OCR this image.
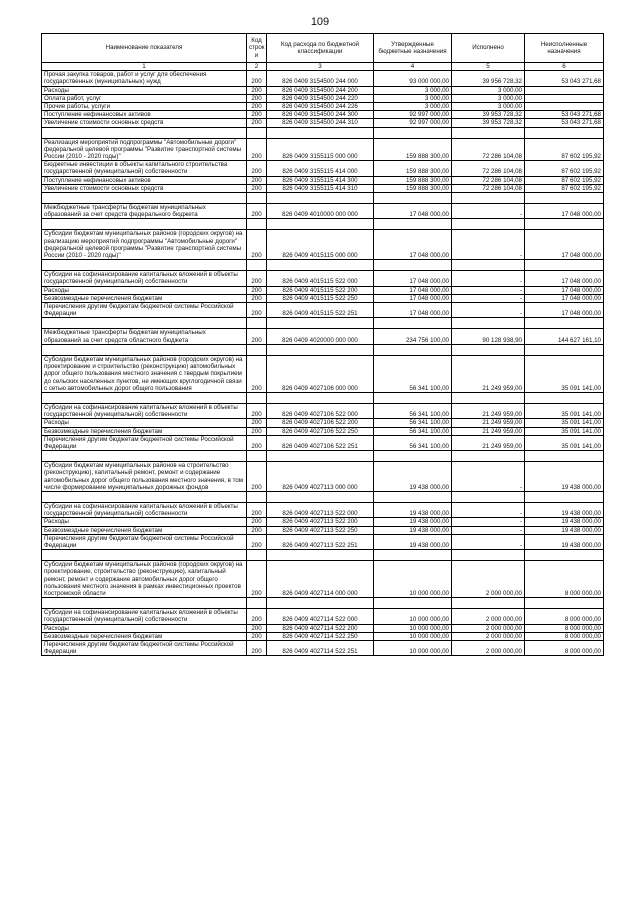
109
Наименование показателя	Код строк и	Код расхода по бюджетной классификации	Утвержденные бюджетные назначения	Исполнено	Неисполненные назначения
1	2	3	4	5	6
Прочая закупка товаров, работ и услуг для обеспечения государственных (муниципальных) нужд	200	826 0409 3154500 244 000	93 000 000,00	39 956 728,32	53 043 271,68
Расходы	200	826 0409 3154500 244 200	3 000,00	3 000,00	
Оплата работ, услуг	200	826 0409 3154500 244 220	3 000,00	3 000,00	
Прочие работы, услуги	200	826 0409 3154500 244 226	3 000,00	3 000,00	
Поступление нефинансовых активов	200	826 0409 3154500 244 300	92 997 000,00	39 953 728,32	53 043 271,68
Увеличение стоимости основных средств	200	826 0409 3154500 244 310	92 997 000,00	39 953 728,32	53 043 271,68

Реализация мероприятий подпрограммы "Автомобильные дороги" федеральной целевой программы "Развитие транспортной системы России (2010 - 2020 годы)"	200	826 0409 3155115 000 000	159 888 300,00	72 286 104,08	87 602 195,92
Бюджетные инвестиции в объекты капитального строительства государственной (муниципальной) собственности	200	826 0409 3155115 414 000	159 888 300,00	72 286 104,08	87 602 195,92
Поступление нефинансовых активов	200	826 0409 3155115 414 300	159 888 300,00	72 286 104,08	87 602 195,92
Увеличение стоимости основных средств	200	826 0409 3155115 414 310	159 888 300,00	72 286 104,08	87 602 195,92

Межбюджетные трансферты бюджетам муниципальных образований за счет средств федерального бюджета	200	826 0409 4010000 000 000	17 048 000,00	-	17 048 000,00

Субсидии бюджетам муниципальных районов (городских округов) на реализацию мероприятий подпрограммы "Автомобильные дороги" федеральной целевой программы "Развитие транспортной системы России (2010 - 2020 годы)"	200	826 0409 4015115 000 000	17 048 000,00	-	17 048 000,00

Субсидии на софинансирование капитальных вложений в объекты государственной (муниципальной) собственности	200	826 0409 4015115 522 000	17 048 000,00	-	17 048 000,00
Расходы	200	826 0409 4015115 522 200	17 048 000,00	-	17 048 000,00
Безвозмездные перечисления бюджетам	200	826 0409 4015115 522 250	17 048 000,00	-	17 048 000,00
Перечисления другим бюджетам бюджетной системы Российской Федерации	200	826 0409 4015115 522 251	17 048 000,00	-	17 048 000,00

Межбюджетные трансферты бюджетам муниципальных образований за счет средств областного бюджета	200	826 0409 4020000 000 000	234 756 100,00	90 128 938,90	144 627 161,10

Субсидии бюджетам муниципальных районов (городских округов) на проектирование и строительство (реконструкцию) автомобильных дорог общего пользования местного значения с твердым покрытием до сельских населенных пунктов, не имеющих круглогодичной связи с сетью автомобильных дорог общего пользования	200	826 0409 4027106 000 000	56 341 100,00	21 249 959,00	35 091 141,00

Субсидии на софинансирование капитальных вложений в объекты государственной (муниципальной) собственности	200	826 0409 4027106 522 000	56 341 100,00	21 249 959,00	35 091 141,00
Расходы	200	826 0409 4027106 522 200	56 341 100,00	21 249 959,00	35 091 141,00
Безвозмездные перечисления бюджетам	200	826 0409 4027106 522 250	56 341 100,00	21 249 959,00	35 091 141,00
Перечисления другим бюджетам бюджетной системы Российской Федерации	200	826 0409 4027106 522 251	56 341 100,00	21 249 959,00	35 091 141,00

Субсидии бюджетам муниципальных районов на строительство (реконструкцию), капитальный ремонт, ремонт и содержание автомобильных дорог общего пользования местного значения, в том числе формирование муниципальных дорожных фондов	200	826 0409 4027113 000 000	19 438 000,00	-	19 438 000,00

Субсидии на софинансирование капитальных вложений в объекты государственной (муниципальной) собственности	200	826 0409 4027113 522 000	19 438 000,00	-	19 438 000,00
Расходы	200	826 0409 4027113 522 200	19 438 000,00	-	19 438 000,00
Безвозмездные перечисления бюджетам	200	826 0409 4027113 522 250	19 438 000,00	-	19 438 000,00
Перечисления другим бюджетам бюджетной системы Российской Федерации	200	826 0409 4027113 522 251	19 438 000,00	-	19 438 000,00

Субсидии бюджетам муниципальных районов (городских округов) на проектирование, строительство (реконструкцию), капитальный ремонт, ремонт и содержание автомобильных дорог общего пользования местного значения в рамках инвестиционных проектов Костромской области	200	826 0409 4027114 000 000	10 000 000,00	2 000 000,00	8 000 000,00

Субсидии на софинансирование капитальных вложений в объекты государственной (муниципальной) собственности	200	826 0409 4027114 522 000	10 000 000,00	2 000 000,00	8 000 000,00
Расходы	200	826 0409 4027114 522 200	10 000 000,00	2 000 000,00	8 000 000,00
Безвозмездные перечисления бюджетам	200	826 0409 4027114 522 250	10 000 000,00	2 000 000,00	8 000 000,00
Перечисления другим бюджетам бюджетной системы Российской Федерации	200	826 0409 4027114 522 251	10 000 000,00	2 000 000,00	8 000 000,00
